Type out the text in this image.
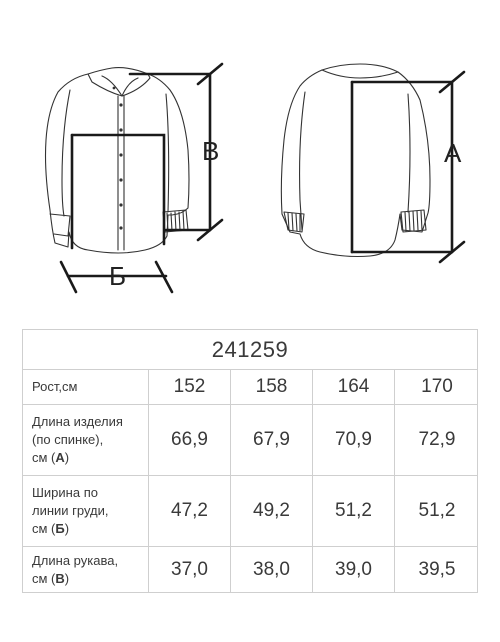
В
Б
А
241259
Рост,см	152	158	164	170
Длина изделия
(по спинке),
см (А)
66,9	67,9	70,9	72,9
Ширина по
линии груди,
см (Б)
47,2	49,2	51,2	51,2
Длина рукава,
см (В)	37,0	38,0	39,0	39,5
